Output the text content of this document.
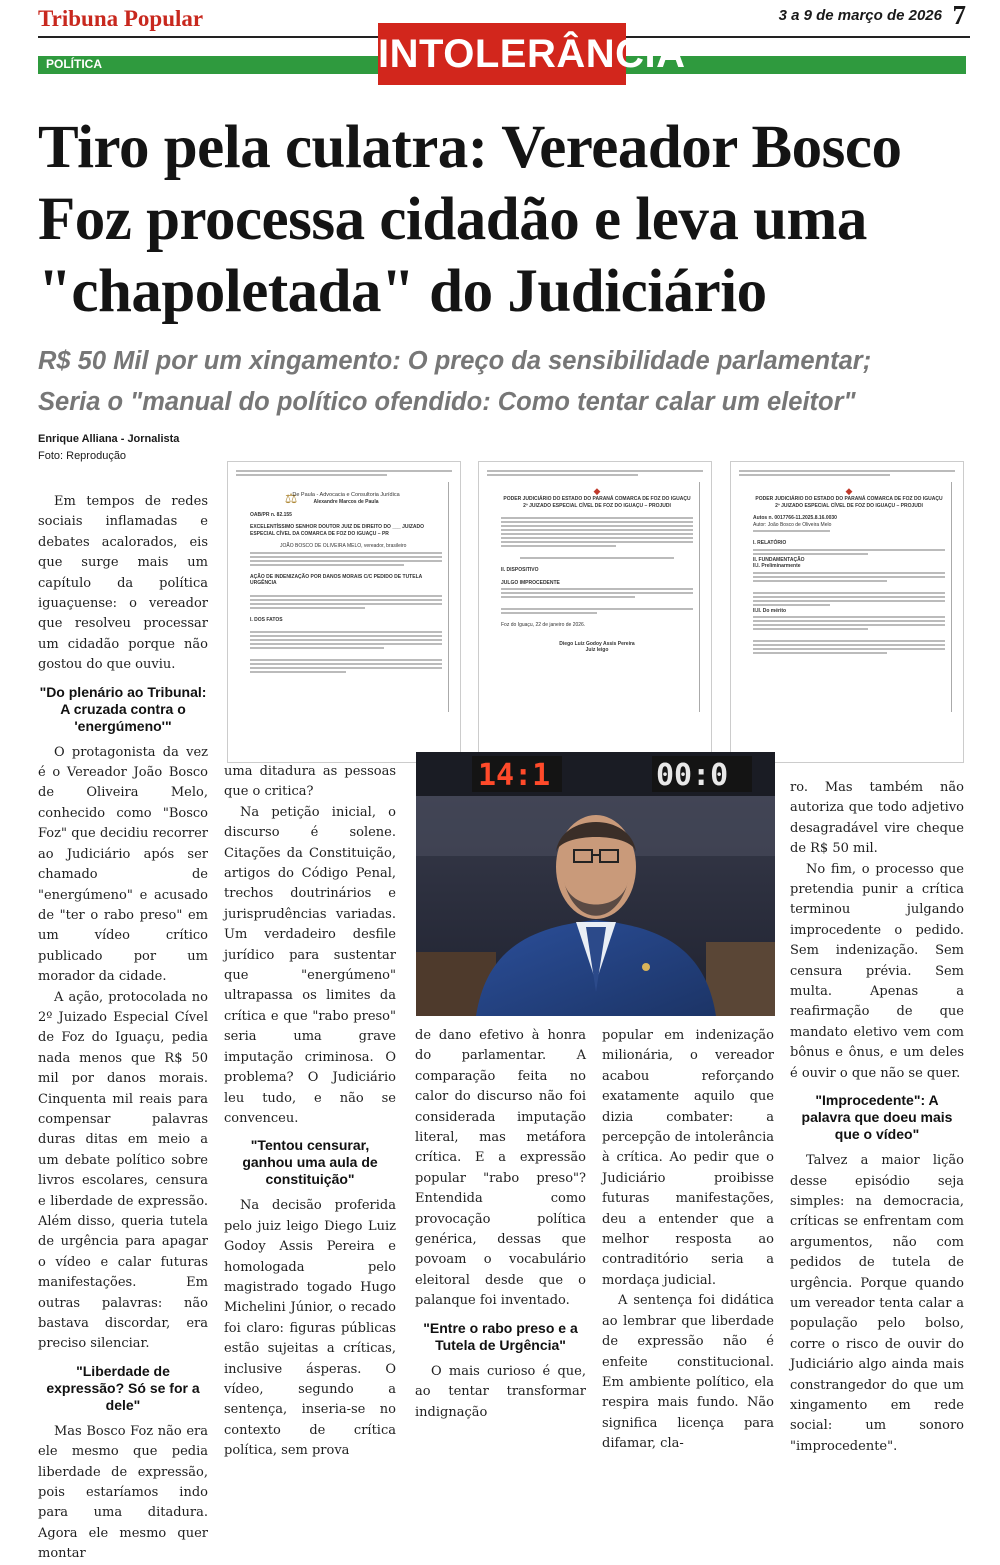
Tribuna Popular	3 a 9 de março de 2026 7
POLÍTICA	INTOLERÂNCIA
Tiro pela culatra: Vereador Bosco Foz processa cidadão e leva uma "chapoletada" do Judiciário
R$ 50 Mil por um xingamento: O preço da sensibilidade parlamentar;
Seria o "manual do político ofendido: Como tentar calar um eleitor"
Enrique Alliana - Jornalista
Foto: Reprodução
⚖
De Paula - Advocacia e Consultoria Jurídica
Alexandre Marcos de Paula
OAB/PR n. 82.155
EXCELENTÍSSIMO SENHOR DOUTOR JUIZ DE DIREITO DO ___ JUIZADO ESPECIAL CÍVEL DA COMARCA DE FOZ DO IGUAÇU – PR
JOÃO BOSCO DE OLIVEIRA MELO, vereador, brasileiro
AÇÃO DE INDENIZAÇÃO POR DANOS MORAIS C/C PEDIDO DE TUTELA URGÊNCIA
I. DOS FATOS
◆
PODER JUDICIÁRIO DO ESTADO DO PARANÁ COMARCA DE FOZ DO IGUAÇU
2º JUIZADO ESPECIAL CÍVEL DE FOZ DO IGUAÇU – PROJUDI
II. DISPOSITIVO
JULGO IMPROCEDENTE
Foz do Iguaçu, 22 de janeiro de 2026.
Diego Luiz Godoy Assis Pereira
Juiz leigo
◆
PODER JUDICIÁRIO DO ESTADO DO PARANÁ COMARCA DE FOZ DO IGUAÇU
2º JUIZADO ESPECIAL CÍVEL DE FOZ DO IGUAÇU – PROJUDI
Autos n. 0017766-11.2025.8.16.0030
Autor: João Bosco de Oliveira Melo
I. RELATÓRIO
II. FUNDAMENTAÇÃO
II.I. Preliminarmente
II.II. Do mérito
14:1	00:0

Em tempos de redes sociais inflamadas e debates acalorados, eis que surge mais um capítulo da política iguaçuense: o vereador que resolveu processar um cidadão porque não gostou do que ouviu.

"Do plenário ao Tribunal: A cruzada contra o 'energúmeno'"

O protagonista da vez é o Vereador João Bosco de Oliveira Melo, conhecido como "Bosco Foz" que decidiu recorrer ao Judiciário após ser chamado de "energúmeno" e acusado de "ter o rabo preso" em um vídeo crítico publicado por um morador da cidade.

A ação, protocolada no 2º Juizado Especial Cível de Foz do Iguaçu, pedia nada menos que R$ 50 mil por danos morais. Cinquenta mil reais para compensar palavras duras ditas em meio a um debate político sobre livros escolares, censura e liberdade de expressão. Além disso, queria tutela de urgência para apagar o vídeo e calar futuras manifestações. Em outras palavras: não bastava discordar, era preciso silenciar.

"Liberdade de expressão? Só se for a dele"

Mas Bosco Foz não era ele mesmo que pedia liberdade de expressão, pois estaríamos indo para uma ditadura. Agora ele mesmo quer montar

uma ditadura as pessoas que o critica?

Na petição inicial, o discurso é solene. Citações da Constituição, artigos do Código Penal, trechos doutrinários e jurisprudências variadas. Um verdadeiro desfile jurídico para sustentar que "energúmeno" ultrapassa os limites da crítica e que "rabo preso" seria uma grave imputação criminosa. O problema? O Judiciário leu tudo, e não se convenceu.

"Tentou censurar, ganhou uma aula de constituição"

Na decisão proferida pelo juiz leigo Diego Luiz Godoy Assis Pereira e homologada pelo magistrado togado Hugo Michelini Júnior, o recado foi claro: figuras públicas estão sujeitas a críticas, inclusive ásperas. O vídeo, segundo a sentença, inseria-se no contexto de crítica política, sem prova

de dano efetivo à honra do parlamentar. A comparação feita no calor do discurso não foi considerada imputação literal, mas metáfora crítica. E a expressão popular "rabo preso"? Entendida como provocação política genérica, dessas que povoam o vocabulário eleitoral desde que o palanque foi inventado.

"Entre o rabo preso e a Tutela de Urgência"

O mais curioso é que, ao tentar transformar indignação

popular em indenização milionária, o vereador acabou reforçando exatamente aquilo que dizia combater: a percepção de intolerância à crítica. Ao pedir que o Judiciário proibisse futuras manifestações, deu a entender que a melhor resposta ao contraditório seria a mordaça judicial.

A sentença foi didática ao lembrar que liberdade de expressão não é enfeite constitucional. Em ambiente político, ela respira mais fundo. Não significa licença para difamar, cla-

ro. Mas também não autoriza que todo adjetivo desagradável vire cheque de R$ 50 mil.

No fim, o processo que pretendia punir a crítica terminou julgando improcedente o pedido. Sem indenização. Sem censura prévia. Sem multa. Apenas a reafirmação de que mandato eletivo vem com bônus e ônus, e um deles é ouvir o que não se quer.

"Improcedente": A palavra que doeu mais que o vídeo"

Talvez a maior lição desse episódio seja simples: na democracia, críticas se enfrentam com argumentos, não com pedidos de tutela de urgência. Porque quando um vereador tenta calar a população pelo bolso, corre o risco de ouvir do Judiciário algo ainda mais constrangedor do que um xingamento em rede social: um sonoro "improcedente".
